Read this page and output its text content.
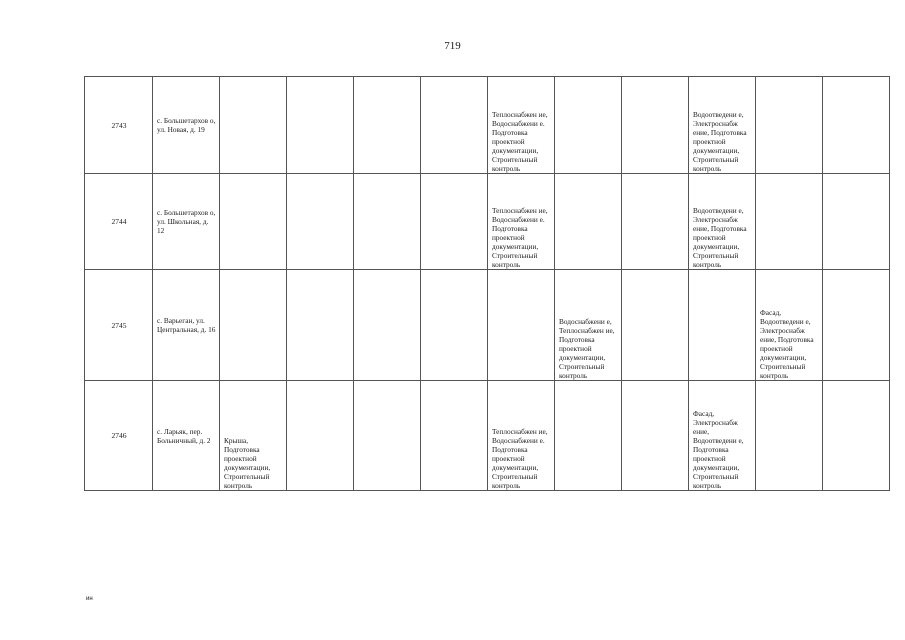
719
2743	с. Большетархов о, ул. Новая, д. 19					Теплоснабжен ие, Водоснабжени е. Подготовка проектной документации, Строительный контроль			Водоотведени е, Электроснабж ение, Подготовка проектной документации, Строительный контроль		
2744	с. Большетархов о, ул. Школьная, д. 12					Теплоснабжен ие, Водоснабжени е. Подготовка проектной документации, Строительный контроль			Водоотведени е, Электроснабж ение, Подготовка проектной документации, Строительный контроль		
2745	с. Варьеган, ул. Центральная, д. 16						Водоснабжени е, Теплоснабжен ие, Подготовка проектной документации, Строительный контроль			Фасад, Водоотведени е, Электроснабж ение, Подготовка проектной документации, Строительный контроль	
2746	с. Ларьяк, пер. Больничный, д. 2	Крыша, Подготовка проектной документации, Строительный контроль				Теплоснабжен ие, Водоснабжени е. Подготовка проектной документации, Строительный контроль			Фасад, Электроснабж ение, Водоотведени е, Подготовка проектной документации, Строительный контроль		
ин
